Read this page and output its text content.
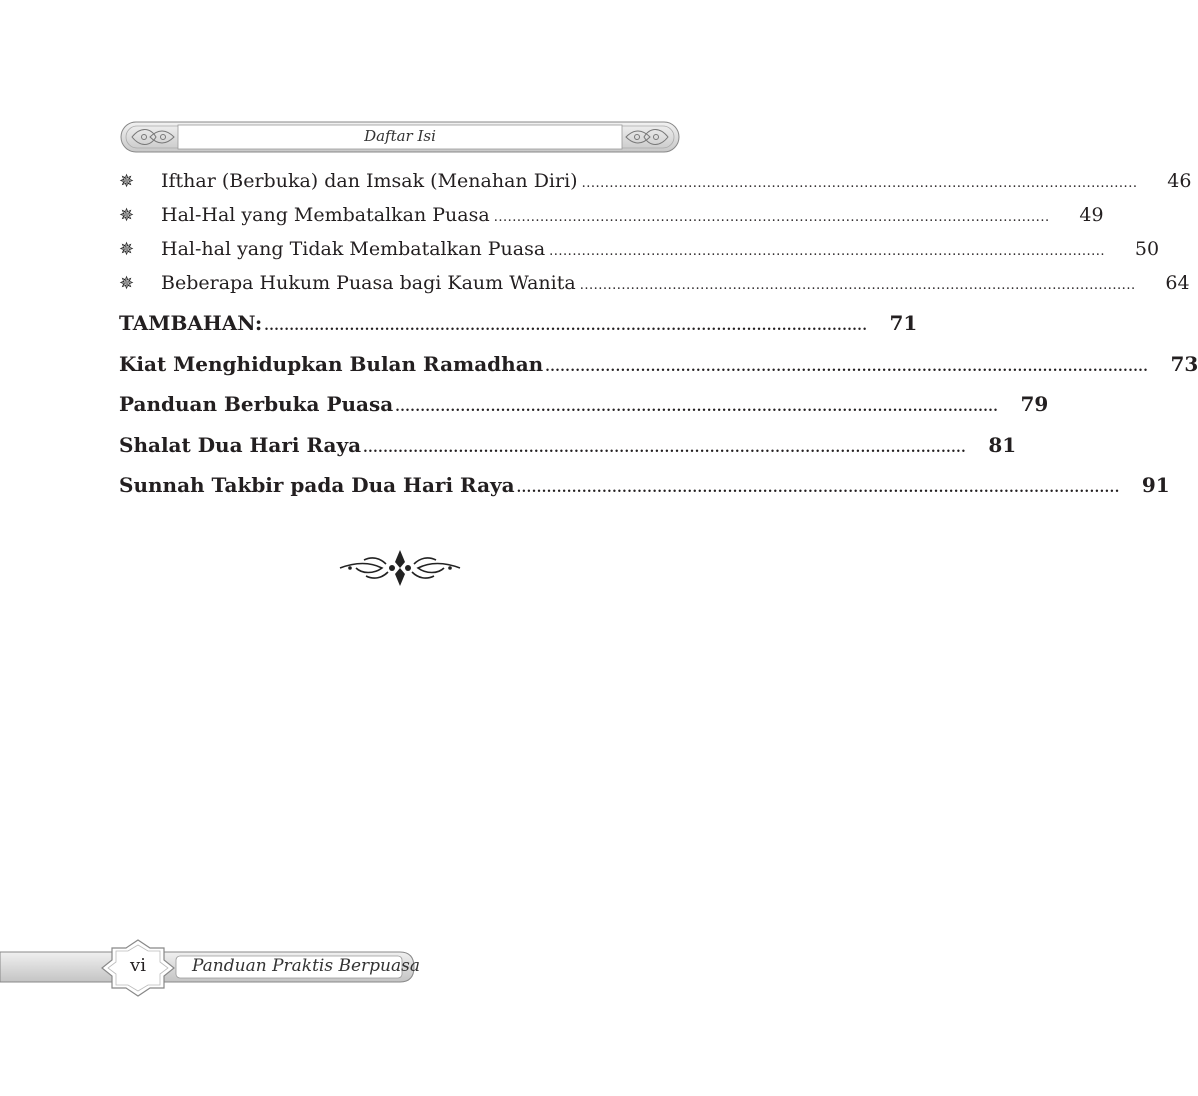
Daftar Isi
✵	Ifthar (Berbuka) dan Imsak (Menahan Diri) ........................................................................................................................	46
✵	Hal-Hal yang Membatalkan Puasa ........................................................................................................................	49
✵	Hal-hal yang Tidak Membatalkan Puasa ........................................................................................................................	50
✵	Beberapa Hukum Puasa bagi Kaum Wanita ........................................................................................................................	64
TAMBAHAN: ........................................................................................................................	71
Kiat Menghidupkan Bulan Ramadhan ........................................................................................................................	73
Panduan Berbuka Puasa ........................................................................................................................	79
Shalat Dua Hari Raya ........................................................................................................................	81
Sunnah Takbir pada Dua Hari Raya ........................................................................................................................	91
vi	Panduan Praktis Berpuasa
